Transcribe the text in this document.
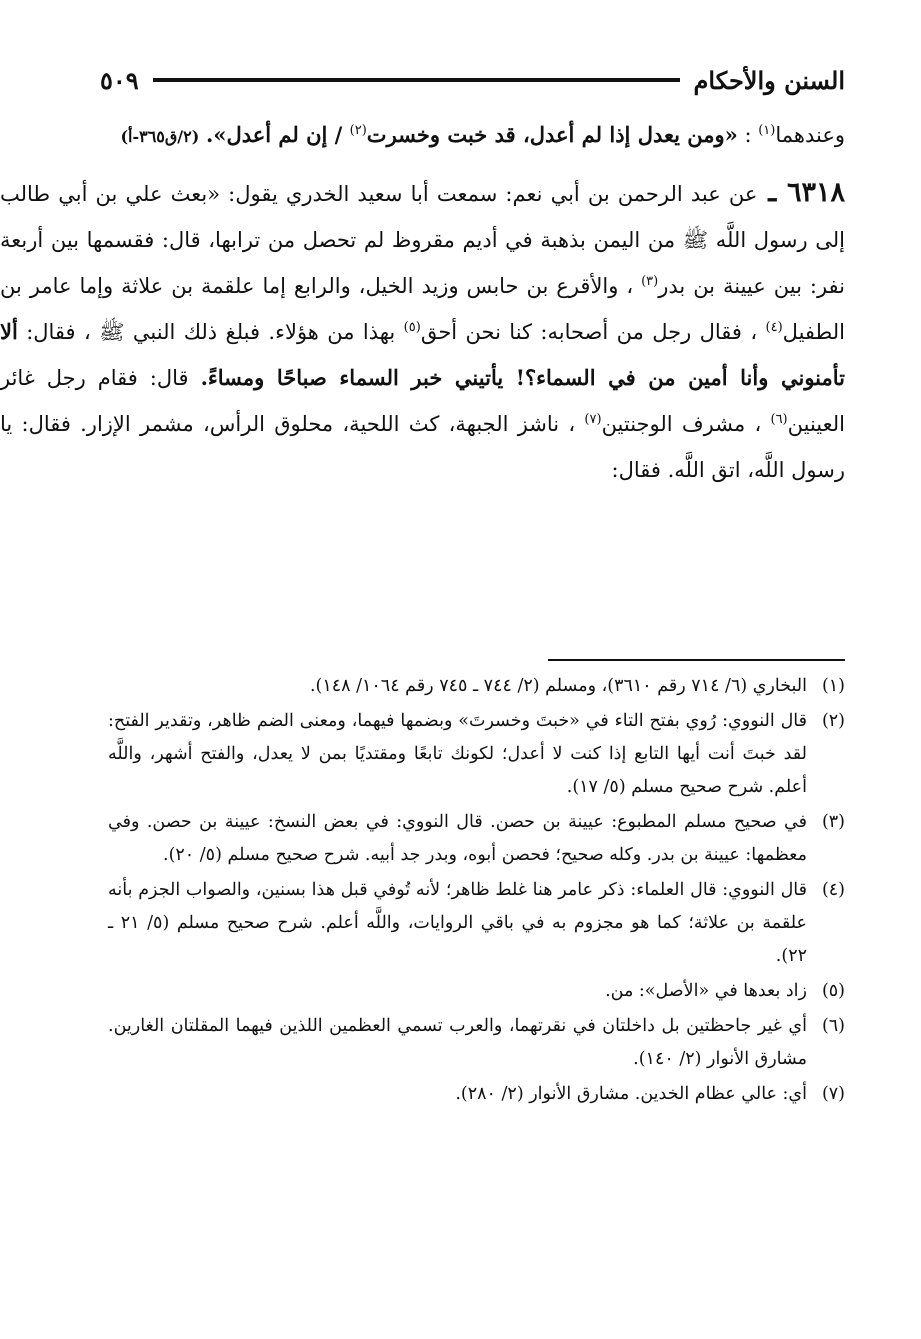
٥٠٩	السنن والأحكام

وعندهما$^{(١)}$ : «ومن يعدل إذا لم أعدل، قد خبت وخسرت$^{(٢)}$ / إن لم أعدل». (٢/ق٣٦٥-أ)

٦٣١٨ ـ عن عبد الرحمن بن أبي نعم: سمعت أبا سعيد الخدري يقول: «بعث علي بن أبي طالب إلى رسول اللَّه ﷺ من اليمن بذهبة في أديم مقروظ لم تحصل من ترابها، قال: فقسمها بين أربعة نفر: بين عيينة بن بدر$^{(٣)}$ ، والأقرع بن حابس وزيد الخيل، والرابع إما علقمة بن علاثة وإما عامر بن الطفيل$^{(٤)}$ ، فقال رجل من أصحابه: كنا نحن أحق$^{(٥)}$ بهذا من هؤلاء. فبلغ ذلك النبي ﷺ ، فقال: ألا تأمنوني وأنا أمين من في السماء؟! يأتيني خبر السماء صباحًا ومساءً. قال: فقام رجل غائر العينين$^{(٦)}$ ، مشرف الوجنتين$^{(٧)}$ ، ناشز الجبهة، كث اللحية، محلوق الرأس، مشمر الإزار. فقال: يا رسول اللَّه، اتق اللَّه. فقال:

(١)
البخاري (٦/ ٧١٤ رقم ٣٦١٠)، ومسلم (٢/ ٧٤٤ ـ ٧٤٥ رقم ١٠٦٤/ ١٤٨).

(٢)
قال النووي: رُوي بفتح التاء في «خبتَ وخسرتَ» وبضمها فيهما، ومعنى الضم ظاهر، وتقدير الفتح: لقد خبتَ أنت أيها التابع إذا كنت لا أعدل؛ لكونك تابعًا ومقتديًا بمن لا يعدل، والفتح أشهر، واللَّه أعلم. شرح صحيح مسلم (٥/ ١٧).

(٣)
في صحيح مسلم المطبوع: عيينة بن حصن. قال النووي: في بعض النسخ: عيينة بن حصن. وفي معظمها: عيينة بن بدر. وكله صحيح؛ فحصن أبوه، وبدر جد أبيه. شرح صحيح مسلم (٥/ ٢٠).

(٤)
قال النووي: قال العلماء: ذكر عامر هنا غلط ظاهر؛ لأنه تُوفي قبل هذا بسنين، والصواب الجزم بأنه علقمة بن علاثة؛ كما هو مجزوم به في باقي الروايات، واللَّه أعلم. شرح صحيح مسلم (٥/ ٢١ ـ ٢٢).

(٥)
زاد بعدها في «الأصل»: من.

(٦)
أي غير جاحظتين بل داخلتان في نقرتهما، والعرب تسمي العظمين اللذين فيهما المقلتان الغارين. مشارق الأنوار (٢/ ١٤٠).

(٧)
أي: عالي عظام الخدين. مشارق الأنوار (٢/ ٢٨٠).
